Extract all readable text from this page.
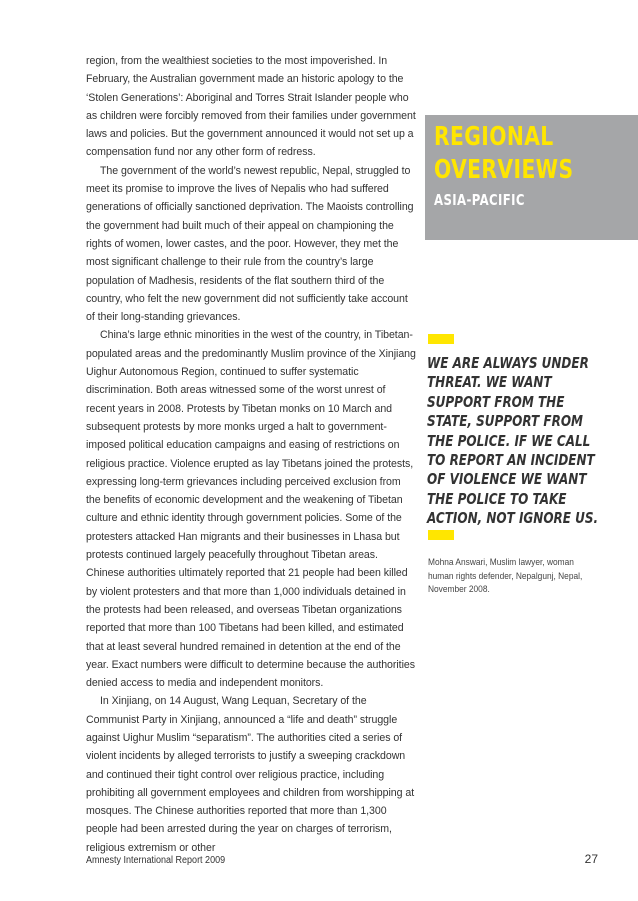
region, from the wealthiest societies to the most impoverished. In February, the Australian government made an historic apology to the ‘Stolen Generations’: Aboriginal and Torres Strait Islander people who as children were forcibly removed from their families under government laws and policies. But the government announced it would not set up a compensation fund nor any other form of redress.

The government of the world’s newest republic, Nepal, struggled to meet its promise to improve the lives of Nepalis who had suffered generations of officially sanctioned deprivation. The Maoists controlling the government had built much of their appeal on championing the rights of women, lower castes, and the poor. However, they met the most significant challenge to their rule from the country’s large population of Madhesis, residents of the flat southern third of the country, who felt the new government did not sufficiently take account of their long-standing grievances.

China’s large ethnic minorities in the west of the country, in Tibetan-populated areas and the predominantly Muslim province of the Xinjiang Uighur Autonomous Region, continued to suffer systematic discrimination. Both areas witnessed some of the worst unrest of recent years in 2008. Protests by Tibetan monks on 10 March and subsequent protests by more monks urged a halt to government-imposed political education campaigns and easing of restrictions on religious practice. Violence erupted as lay Tibetans joined the protests, expressing long-term grievances including perceived exclusion from the benefits of economic development and the weakening of Tibetan culture and ethnic identity through government policies. Some of the protesters attacked Han migrants and their businesses in Lhasa but protests continued largely peacefully throughout Tibetan areas. Chinese authorities ultimately reported that 21 people had been killed by violent protesters and that more than 1,000 individuals detained in the protests had been released, and overseas Tibetan organizations reported that more than 100 Tibetans had been killed, and estimated that at least several hundred remained in detention at the end of the year. Exact numbers were difficult to determine because the authorities denied access to media and independent monitors.

In Xinjiang, on 14 August, Wang Lequan, Secretary of the Communist Party in Xinjiang, announced a “life and death” struggle against Uighur Muslim “separatism”. The authorities cited a series of violent incidents by alleged terrorists to justify a sweeping crackdown and continued their tight control over religious practice, including prohibiting all government employees and children from worshipping at mosques. The Chinese authorities reported that more than 1,300 people had been arrested during the year on charges of terrorism, religious extremism or other

REGIONAL
OVERVIEWS
ASIA-PACIFIC
WE ARE ALWAYS UNDER
THREAT. WE WANT
SUPPORT FROM THE
STATE, SUPPORT FROM
THE POLICE. IF WE CALL
TO REPORT AN INCIDENT
OF VIOLENCE WE WANT
THE POLICE TO TAKE
ACTION, NOT IGNORE US.
Mohna Answari, Muslim lawyer, woman
human rights defender, Nepalgunj, Nepal,
November 2008.
Amnesty International Report 2009	27
